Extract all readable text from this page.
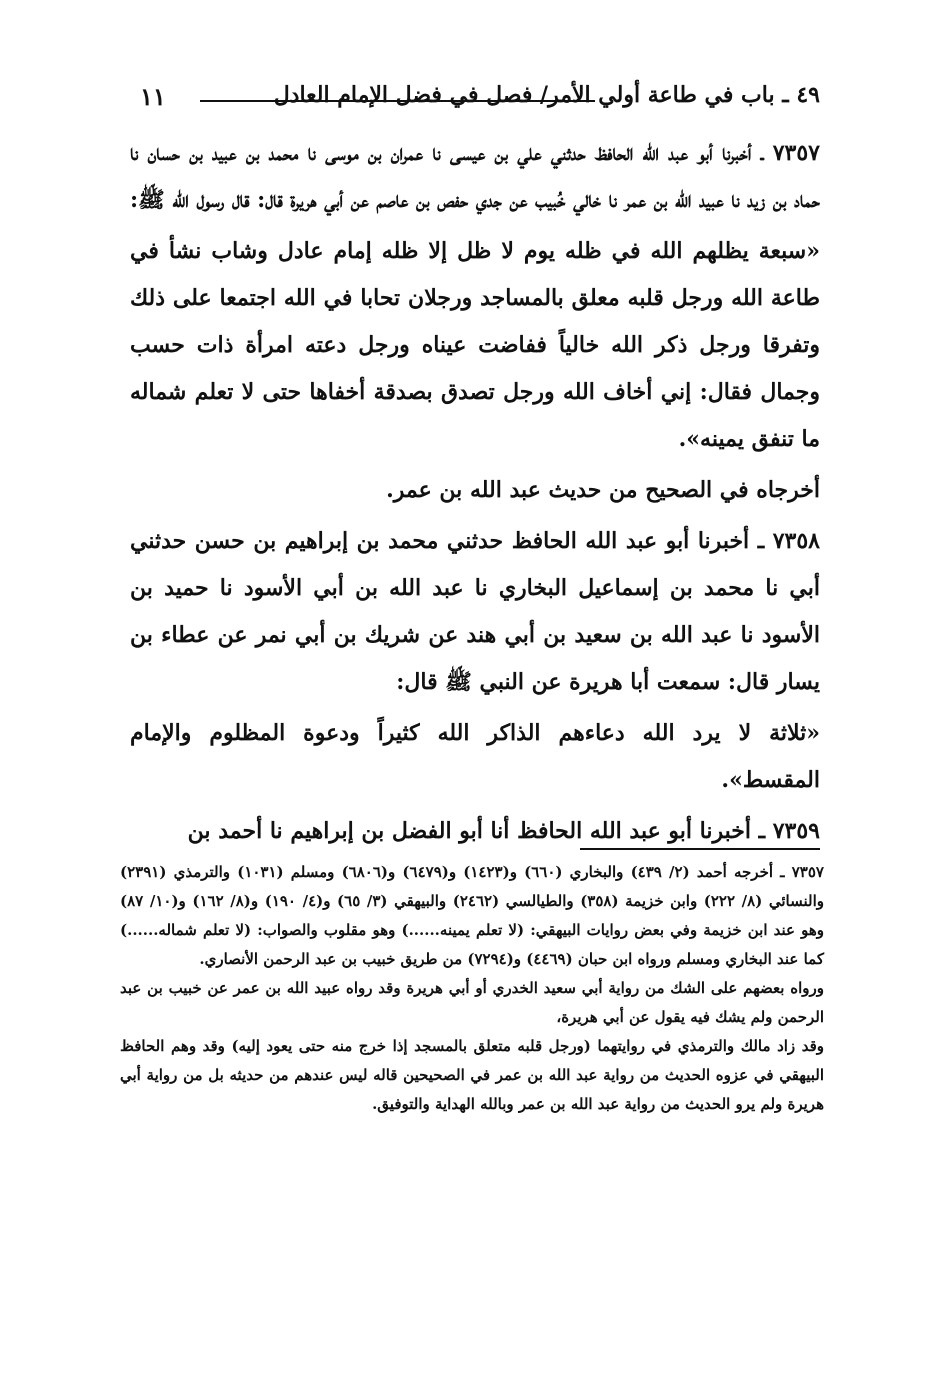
١١	٤٩ ـ باب في طاعة أولي الأمر/ فصل في فضل الإمام العادل

٧٣٥٧ ـ أخبرنا أبو عبد الله الحافظ حدثني علي بن عيسى نا عمران بن موسى نا محمد بن عبيد بن حسان نا حماد بن زيد نا عبيد الله بن عمر نا خالي خُبيب عن جدي حفص بن عاصم عن أبي هريرة قال: قال رسول الله ﷺ:

«سبعة يظلهم الله في ظله يوم لا ظل إلا ظله إمام عادل وشاب نشأ في طاعة الله ورجل قلبه معلق بالمساجد ورجلان تحابا في الله اجتمعا على ذلك وتفرقا ورجل ذكر الله خالياً ففاضت عيناه ورجل دعته امرأة ذات حسب وجمال فقال: إني أخاف الله ورجل تصدق بصدقة أخفاها حتى لا تعلم شماله ما تنفق يمينه».

أخرجاه في الصحيح من حديث عبد الله بن عمر.

٧٣٥٨ ـ أخبرنا أبو عبد الله الحافظ حدثني محمد بن إبراهيم بن حسن حدثني أبي نا محمد بن إسماعيل البخاري نا عبد الله بن أبي الأسود نا حميد بن الأسود نا عبد الله بن سعيد بن أبي هند عن شريك بن أبي نمر عن عطاء بن يسار قال: سمعت أبا هريرة عن النبي ﷺ قال:

«ثلاثة لا يرد الله دعاءهم الذاكر الله كثيراً ودعوة المظلوم والإمام المقسط».

٧٣٥٩ ـ أخبرنا أبو عبد الله الحافظ أنا أبو الفضل بن إبراهيم نا أحمد بن

٧٣٥٧ ـ أخرجه أحمد (٢/ ٤٣٩) والبخاري (٦٦٠) و(١٤٢٣) و(٦٤٧٩) و(٦٨٠٦) ومسلم (١٠٣١) والترمذي (٢٣٩١) والنسائي (٨/ ٢٢٢) وابن خزيمة (٣٥٨) والطيالسي (٢٤٦٢) والبيهقي (٣/ ٦٥) و(٤/ ١٩٠) و(٨/ ١٦٢) و(١٠/ ٨٧) وهو عند ابن خزيمة وفي بعض روايات البيهقي: (لا تعلم يمينه......) وهو مقلوب والصواب: (لا تعلم شماله......) كما عند البخاري ومسلم ورواه ابن حبان (٤٤٦٩) و(٧٢٩٤) من طريق خبيب بن عبد الرحمن الأنصاري.

ورواه بعضهم على الشك من رواية أبي سعيد الخدري أو أبي هريرة وقد رواه عبيد الله بن عمر عن خبيب بن عبد الرحمن ولم يشك فيه يقول عن أبي هريرة،

وقد زاد مالك والترمذي في روايتهما (ورجل قلبه متعلق بالمسجد إذا خرج منه حتى يعود إليه) وقد وهم الحافظ البيهقي في عزوه الحديث من رواية عبد الله بن عمر في الصحيحين قاله ليس عندهم من حديثه بل من رواية أبي هريرة ولم يرو الحديث من رواية عبد الله بن عمر وبالله الهداية والتوفيق.
